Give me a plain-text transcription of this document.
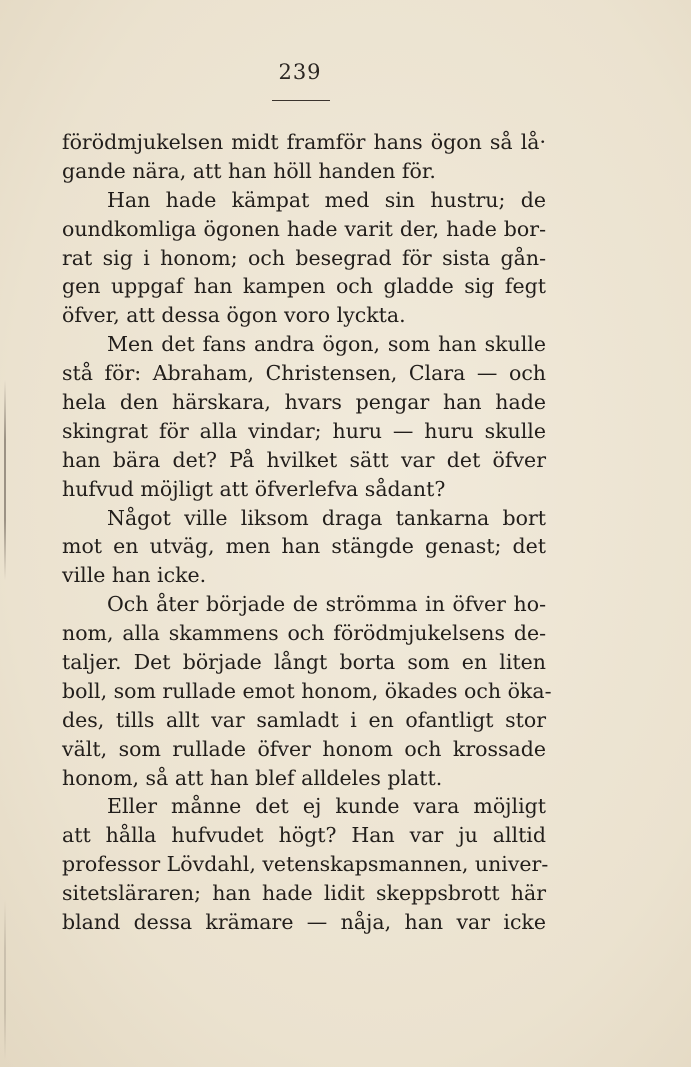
239
förödmjukelsen midt framför hans ögon så lå·
gande nära, att han höll handen för.
Han hade kämpat med sin hustru; de
oundkomliga ögonen hade varit der, hade bor-
rat sig i honom; och besegrad för sista gån-
gen uppgaf han kampen och gladde sig fegt
öfver, att dessa ögon voro lyckta.
Men det fans andra ögon, som han skulle
stå för: Abraham, Christensen, Clara — och
hela den härskara, hvars pengar han hade
skingrat för alla vindar; huru — huru skulle
han bära det? På hvilket sätt var det öfver
hufvud möjligt att öfverlefva sådant?
Något ville liksom draga tankarna bort
mot en utväg, men han stängde genast; det
ville han icke.
Och åter började de strömma in öfver ho-
nom, alla skammens och förödmjukelsens de-
taljer. Det började långt borta som en liten
boll, som rullade emot honom, ökades och öka-
des, tills allt var samladt i en ofantligt stor
vält, som rullade öfver honom och krossade
honom, så att han blef alldeles platt.
Eller månne det ej kunde vara möjligt
att hålla hufvudet högt? Han var ju alltid
professor Lövdahl, vetenskapsmannen, univer-
sitetsläraren; han hade lidit skeppsbrott här
bland dessa krämare — nåja, han var icke
